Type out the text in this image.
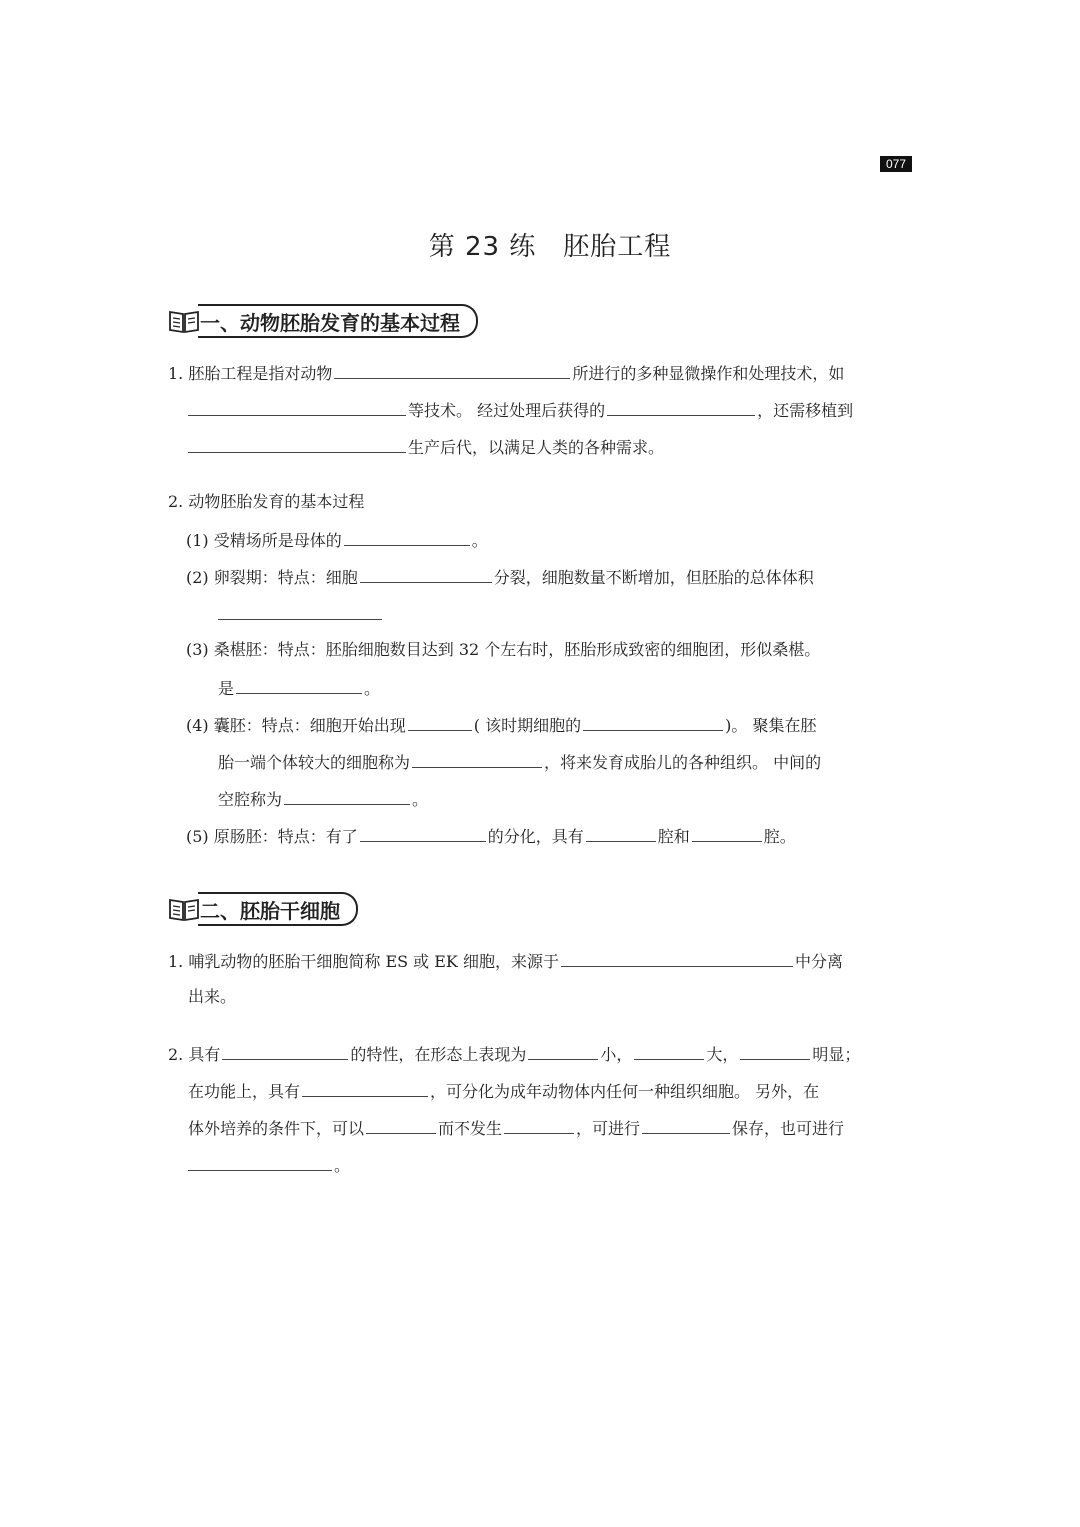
077
第 23 练　胚胎工程
一、动物胚胎发育的基本过程
1. 胚胎工程是指对动物	所进行的多种显微操作和处理技术，如
等技术。 经过处理后获得的	，还需移植到
生产后代，以满足人类的各种需求。
2. 动物胚胎发育的基本过程
(1) 受精场所是母体的	。
(2) 卵裂期：特点：细胞	分裂，细胞数量不断增加，但胚胎的总体体积
(3) 桑椹胚：特点：胚胎细胞数目达到 32 个左右时，胚胎形成致密的细胞团，形似桑椹。
是	。
(4) 囊胚：特点：细胞开始出现	( 该时期细胞的	)。 聚集在胚
胎一端个体较大的细胞称为	，将来发育成胎儿的各种组织。 中间的
空腔称为	。
(5) 原肠胚：特点：有了	的分化，具有	腔和	腔。
二、胚胎干细胞
1. 哺乳动物的胚胎干细胞简称 ES 或 EK 细胞，来源于	中分离
出来。
2. 具有	的特性，在形态上表现为	小，	大，	明显；
在功能上，具有	，可分化为成年动物体内任何一种组织细胞。 另外，在
体外培养的条件下，可以	而不发生	，可进行	保存，也可进行
。
